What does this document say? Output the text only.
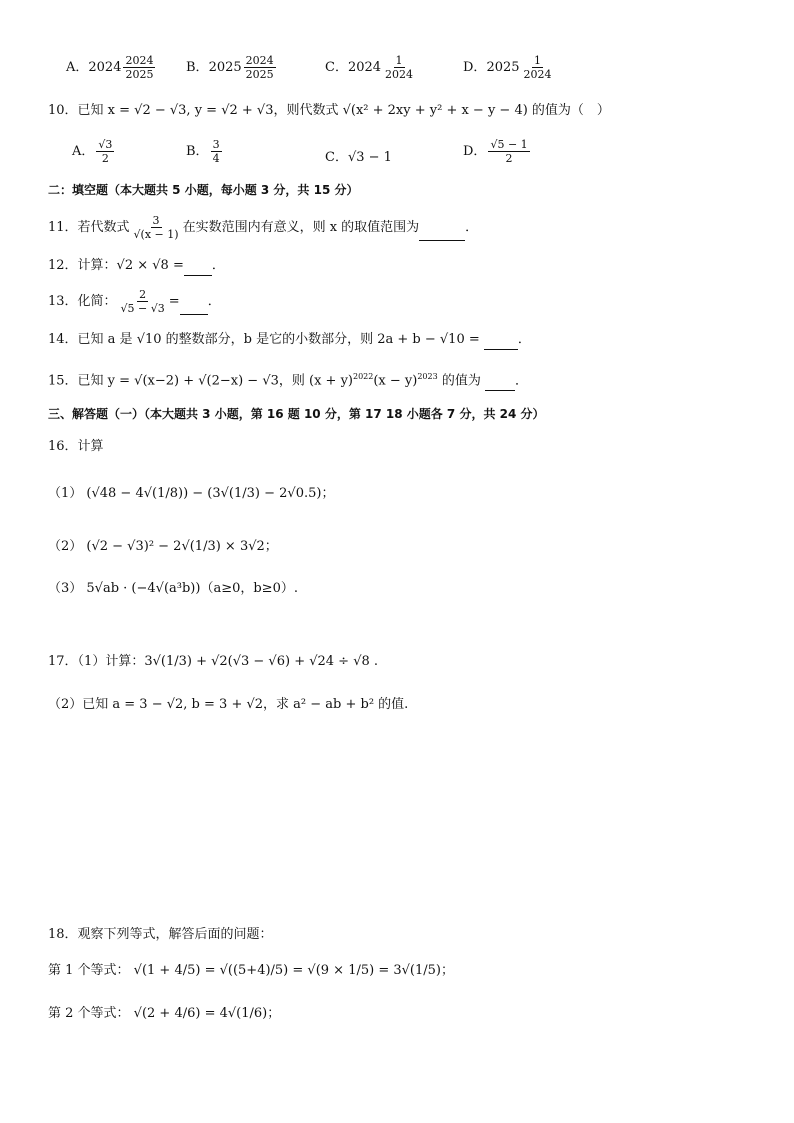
A．$2024 \frac{2024}{2025}$ B．$2025 \frac{2024}{2025}$	C．$2024 \frac{1}{2024}$	D．$2025 \frac{1}{2024}$
10．已知 x = √2 − √3, y = √2 + √3，则代数式 √(x² + 2xy + y² + x − y − 4) 的值为（　）
A． $\frac{√3}{2}$	B． $\frac{3}{4}$	C．√3 − 1	D． $\frac{√5 - 1}{2}$
二：填空题（本大题共 5 小题，每小题 3 分，共 15 分）
11．若代数式 $\frac{3}{√(x - 1)}$ 在实数范围内有意义，则 x 的取值范围为	．
12．计算：√2 × √8 = ．
13．化简： $\frac{2}{√5 - √3}$ = ．
14．已知 a 是 √10 的整数部分，b 是它的小数部分，则 2a + b − √10 =	．
15．已知 y = √(x−2) + √(2−x) − √3，则 $(x + y)^{2022}(x - y)^{2023}$ 的值为	．
三、解答题（一）（本大题共 3 小题，第 16 题 10 分，第 17 18 小题各 7 分，共 24 分）
16．计算
（1） (√48 − 4√(1/8)) − (3√(1/3) − 2√0.5)；
（2） (√2 − √3)² − 2√(1/3) × 3√2；
（3） 5√ab · (−4√(a³b))（a≥0，b≥0）.
17．（1）计算：3√(1/3) + √2(√3 − √6) + √24 ÷ √8 .
（2）已知 a = 3 − √2, b = 3 + √2，求 a² − ab + b² 的值.
18．观察下列等式，解答后面的问题：
第 1 个等式： √(1 + 4/5) = √((5+4)/5) = √(9 × 1/5) = 3√(1/5)；
第 2 个等式： √(2 + 4/6) = 4√(1/6)；
